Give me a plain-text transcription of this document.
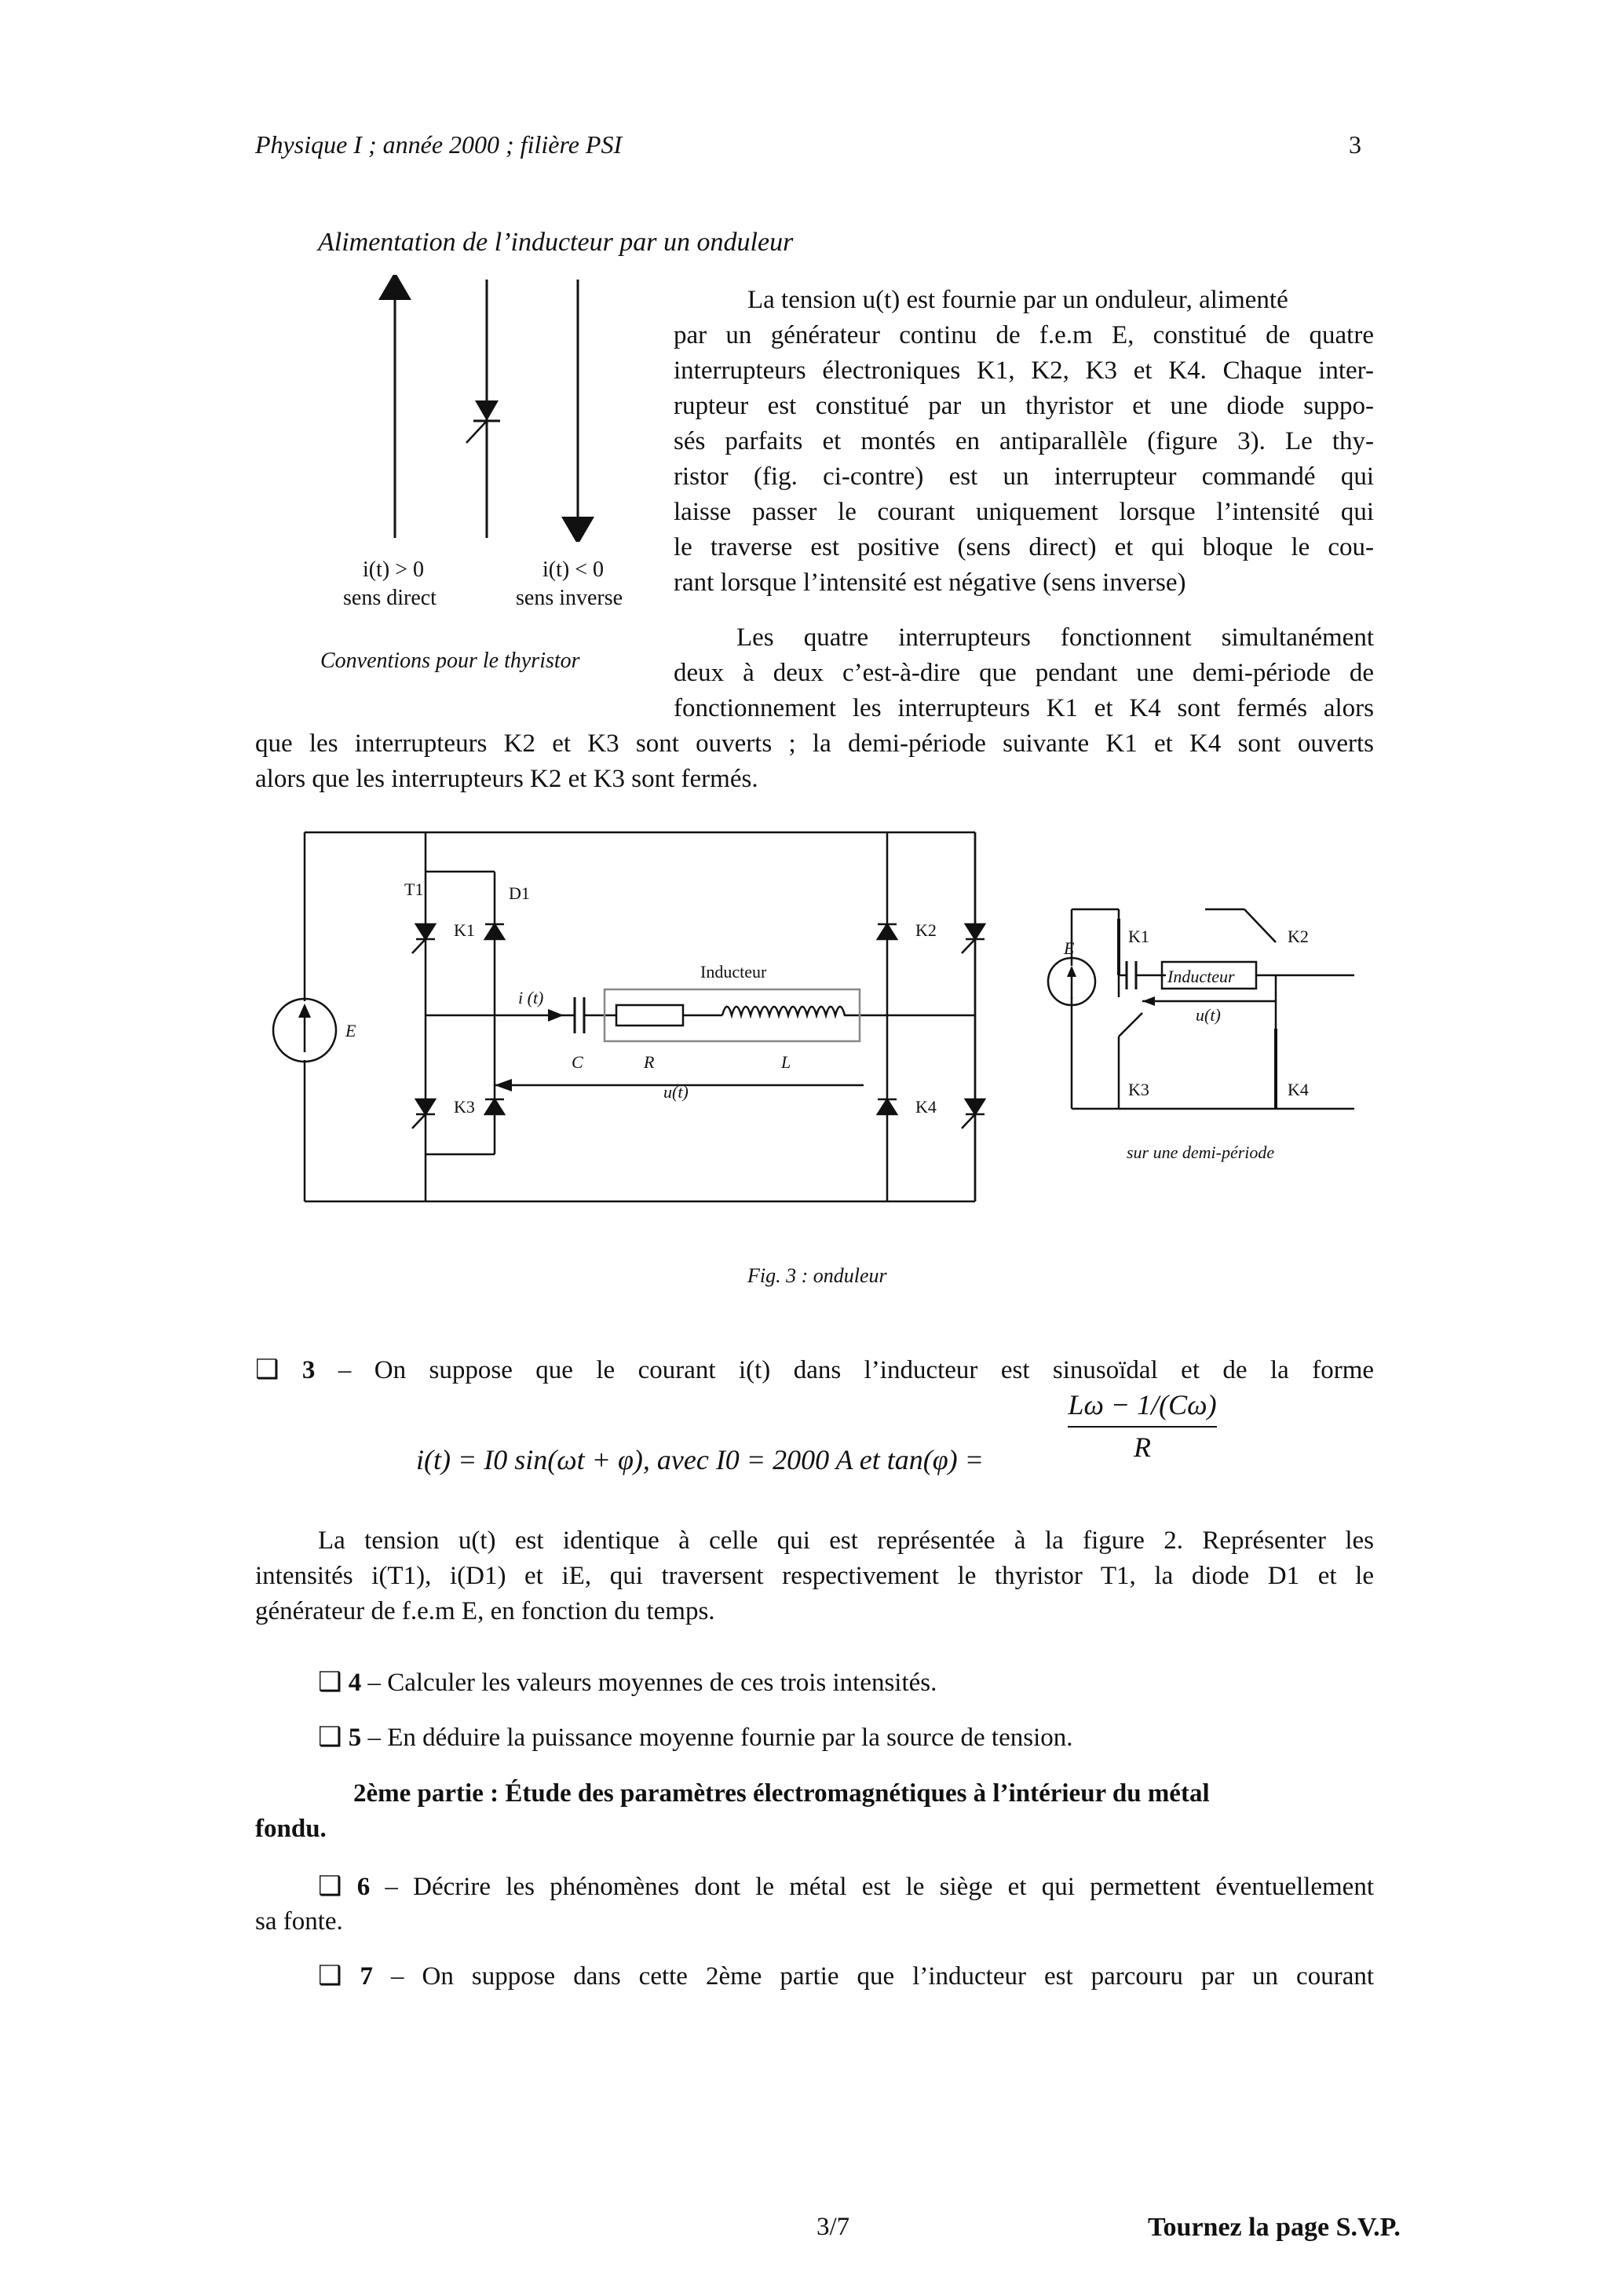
Physique I ; année 2000 ; filière PSI	3
Alimentation de l’inducteur par un onduleur
i(t) > 0
sens direct
i(t) < 0
sens inverse
Conventions pour le thyristor
La tension u(t) est fournie par un onduleur, alimenté
par un générateur continu de f.e.m E, constitué de quatre
interrupteurs électroniques K1, K2, K3 et K4. Chaque inter-
rupteur est constitué par un thyristor et une diode suppo-
sés parfaits et montés en antiparallèle (figure 3). Le thy-
ristor (fig. ci-contre) est un interrupteur commandé qui
laisse passer le courant uniquement lorsque l’intensité qui
le traverse est positive (sens direct) et qui bloque le cou-
rant lorsque l’intensité est négative (sens inverse)
Les quatre interrupteurs fonctionnent simultanément
deux à deux c’est-à-dire que pendant une demi-période de
fonctionnement les interrupteurs K1 et K4 sont fermés alors
que les interrupteurs K2 et K3 sont ouverts ; la demi-période suivante K1 et K4 sont ouverts
alors que les interrupteurs K2 et K3 sont fermés.
T1	D1
K1	K2
K3	K4
E
i (t)
Inducteur
C	R	L
u(t)
E
K1	K2
K3	K4
Inducteur
u(t)
sur une demi-période
Fig. 3 : onduleur
❑ 3 – On suppose que le courant i(t) dans l’inducteur est sinusoïdal et de la forme
i(t) = I0 sin(ωt + φ), avec I0 = 2000 A et tan(φ) =	$\frac{L\omega - 1/(C\omega)}{R}$
La tension u(t) est identique à celle qui est représentée à la figure 2. Représenter les
intensités i(T1), i(D1) et iE, qui traversent respectivement le thyristor T1, la diode D1 et le
générateur de f.e.m E, en fonction du temps.
❑ 4 – Calculer les valeurs moyennes de ces trois intensités.
❑ 5 – En déduire la puissance moyenne fournie par la source de tension.
2ème partie : Étude des paramètres électromagnétiques à l’intérieur du métal
fondu.
❑ 6 – Décrire les phénomènes dont le métal est le siège et qui permettent éventuellement
sa fonte.
❑ 7 – On suppose dans cette 2ème partie que l’inducteur est parcouru par un courant
3/7	Tournez la page S.V.P.
